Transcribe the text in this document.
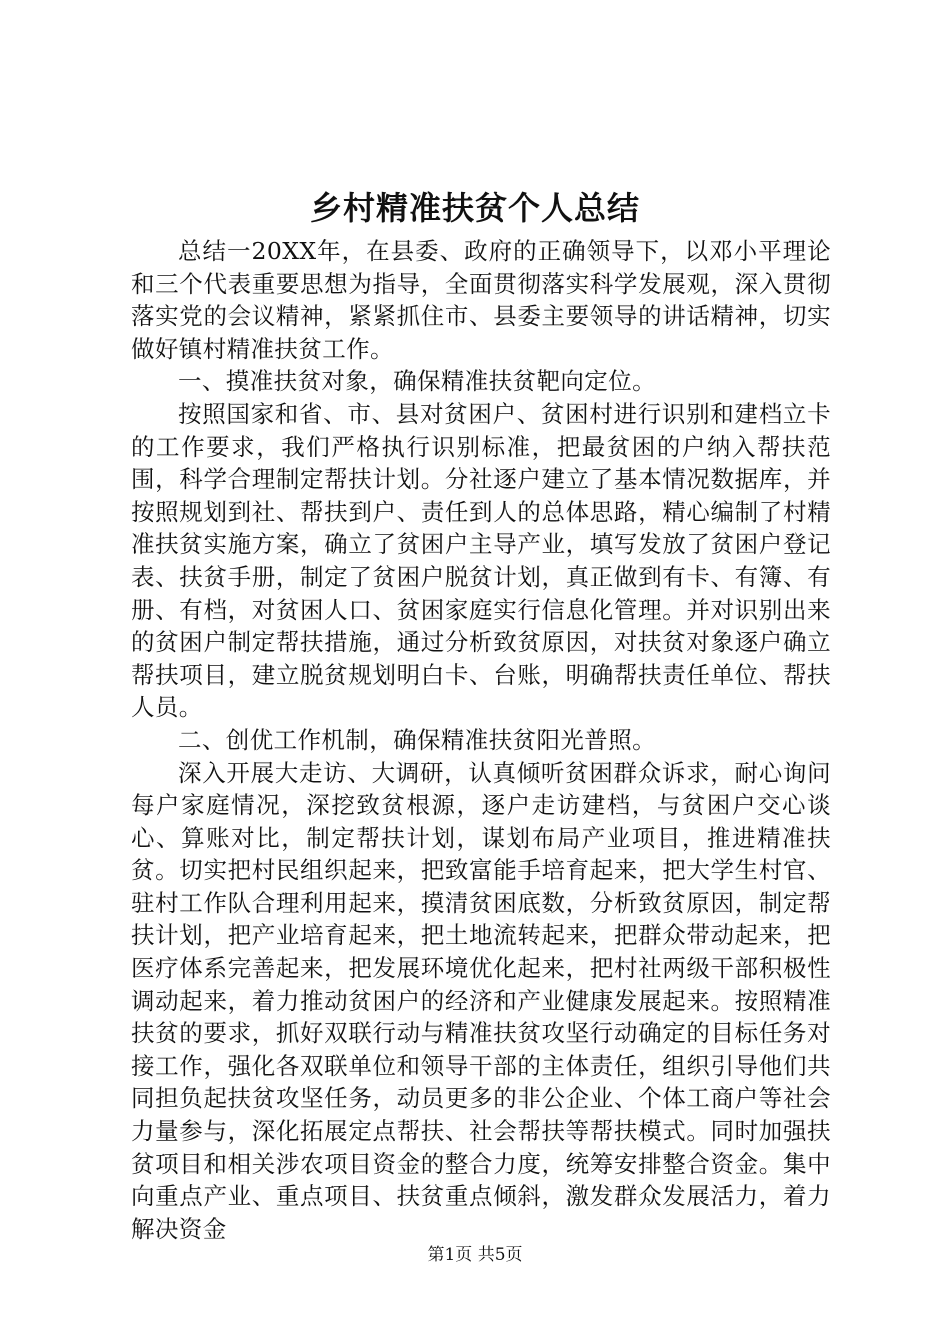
乡村精准扶贫个人总结

总结一20XX年，在县委、政府的正确领导下，以邓小平理论和三个代表重要思想为指导，全面贯彻落实科学发展观，深入贯彻落实党的会议精神，紧紧抓住市、县委主要领导的讲话精神，切实做好镇村精准扶贫工作。

一、摸准扶贫对象，确保精准扶贫靶向定位。

按照国家和省、市、县对贫困户、贫困村进行识别和建档立卡的工作要求，我们严格执行识别标准，把最贫困的户纳入帮扶范围，科学合理制定帮扶计划。分社逐户建立了基本情况数据库，并按照规划到社、帮扶到户、责任到人的总体思路，精心编制了村精准扶贫实施方案，确立了贫困户主导产业，填写发放了贫困户登记表、扶贫手册，制定了贫困户脱贫计划，真正做到有卡、有簿、有册、有档，对贫困人口、贫困家庭实行信息化管理。并对识别出来的贫困户制定帮扶措施，通过分析致贫原因，对扶贫对象逐户确立帮扶项目，建立脱贫规划明白卡、台账，明确帮扶责任单位、帮扶人员。

二、创优工作机制，确保精准扶贫阳光普照。

深入开展大走访、大调研，认真倾听贫困群众诉求，耐心询问每户家庭情况，深挖致贫根源，逐户走访建档，与贫困户交心谈心、算账对比，制定帮扶计划，谋划布局产业项目，推进精准扶贫。切实把村民组织起来，把致富能手培育起来，把大学生村官、驻村工作队合理利用起来，摸清贫困底数，分析致贫原因，制定帮扶计划，把产业培育起来，把土地流转起来，把群众带动起来，把医疗体系完善起来，把发展环境优化起来，把村社两级干部积极性调动起来，着力推动贫困户的经济和产业健康发展起来。按照精准扶贫的要求，抓好双联行动与精准扶贫攻坚行动确定的目标任务对接工作，强化各双联单位和领导干部的主体责任，组织引导他们共同担负起扶贫攻坚任务，动员更多的非公企业、个体工商户等社会力量参与，深化拓展定点帮扶、社会帮扶等帮扶模式。同时加强扶贫项目和相关涉农项目资金的整合力度，统筹安排整合资金。集中向重点产业、重点项目、扶贫重点倾斜，激发群众发展活力，着力解决资金

第1页 共5页
